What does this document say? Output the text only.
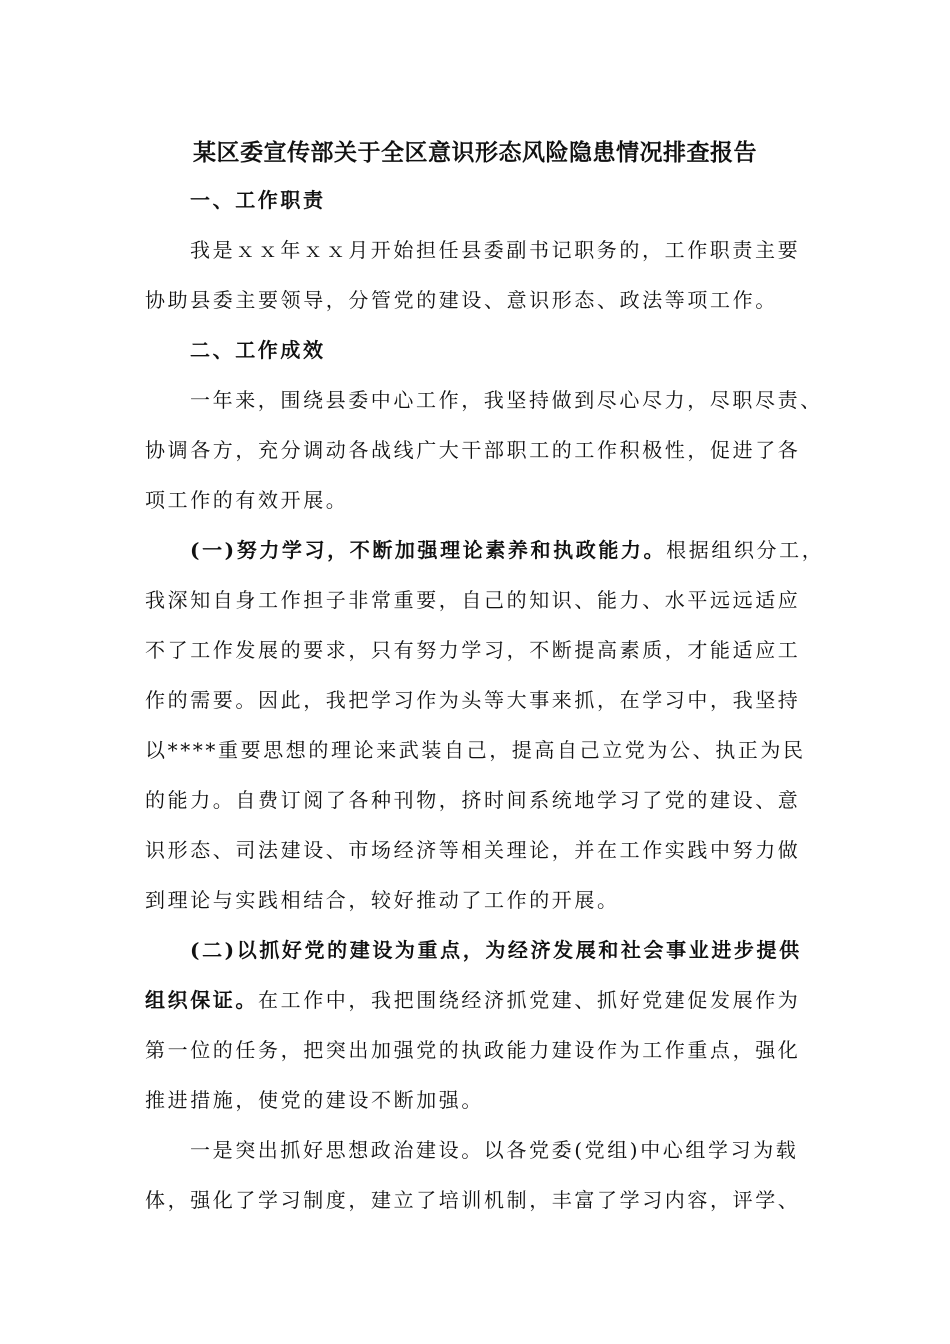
某区委宣传部关于全区意识形态风险隐患情况排查报告
一、工作职责
我是ｘｘ年ｘｘ月开始担任县委副书记职务的，工作职责主要
协助县委主要领导，分管党的建设、意识形态、政法等项工作。
二、工作成效
一年来，围绕县委中心工作，我坚持做到尽心尽力，尽职尽责、
协调各方，充分调动各战线广大干部职工的工作积极性，促进了各
项工作的有效开展。
(一)努力学习，不断加强理论素养和执政能力。根据组织分工，
我深知自身工作担子非常重要，自己的知识、能力、水平远远适应
不了工作发展的要求，只有努力学习，不断提高素质，才能适应工
作的需要。因此，我把学习作为头等大事来抓，在学习中，我坚持
以****重要思想的理论来武装自己，提高自己立党为公、执正为民
的能力。自费订阅了各种刊物，挤时间系统地学习了党的建设、意
识形态、司法建设、市场经济等相关理论，并在工作实践中努力做
到理论与实践相结合，较好推动了工作的开展。
(二)以抓好党的建设为重点，为经济发展和社会事业进步提供
组织保证。在工作中，我把围绕经济抓党建、抓好党建促发展作为
第一位的任务，把突出加强党的执政能力建设作为工作重点，强化
推进措施，使党的建设不断加强。
一是突出抓好思想政治建设。以各党委(党组)中心组学习为载
体，强化了学习制度，建立了培训机制，丰富了学习内容，评学、
